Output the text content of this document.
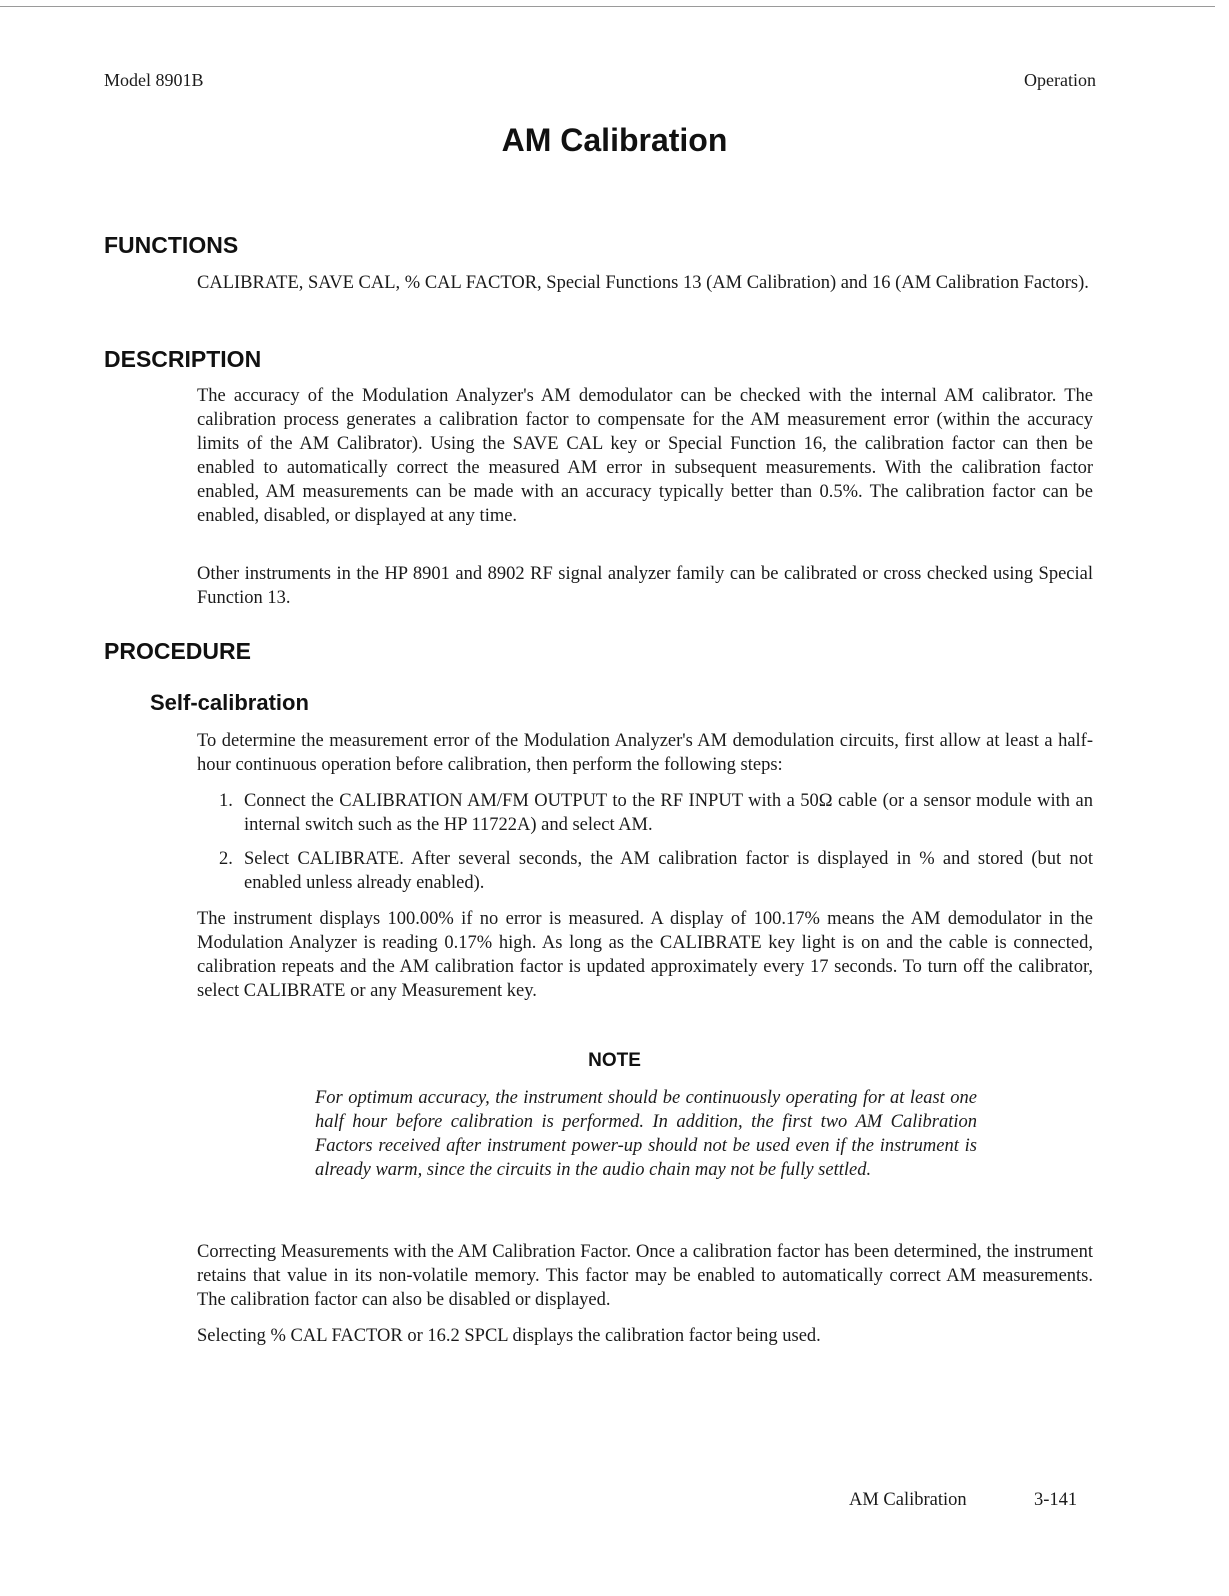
Model 8901B	Operation
AM Calibration
FUNCTIONS
CALIBRATE, SAVE CAL, % CAL FACTOR, Special Functions 13 (AM Calibration) and 16 (AM Calibration Factors).
DESCRIPTION
The accuracy of the Modulation Analyzer's AM demodulator can be checked with the internal AM calibrator. The calibration process generates a calibration factor to compensate for the AM measurement error (within the accuracy limits of the AM Calibrator). Using the SAVE CAL key or Special Function 16, the calibration factor can then be enabled to automatically correct the measured AM error in subsequent measurements. With the calibration factor enabled, AM measurements can be made with an accuracy typically better than 0.5%. The calibration factor can be enabled, disabled, or displayed at any time.
Other instruments in the HP 8901 and 8902 RF signal analyzer family can be calibrated or cross checked using Special Function 13.
PROCEDURE
Self-calibration
To determine the measurement error of the Modulation Analyzer's AM demodulation circuits, first allow at least a half-hour continuous operation before calibration, then perform the following steps:
1. Connect the CALIBRATION AM/FM OUTPUT to the RF INPUT with a 50Ω cable (or a sensor module with an internal switch such as the HP 11722A) and select AM.
2. Select CALIBRATE. After several seconds, the AM calibration factor is displayed in % and stored (but not enabled unless already enabled).
The instrument displays 100.00% if no error is measured. A display of 100.17% means the AM demodulator in the Modulation Analyzer is reading 0.17% high. As long as the CALIBRATE key light is on and the cable is connected, calibration repeats and the AM calibration factor is updated approximately every 17 seconds. To turn off the calibrator, select CALIBRATE or any Measurement key.
NOTE
For optimum accuracy, the instrument should be continuously operating for at least one half hour before calibration is performed. In addition, the first two AM Calibration Factors received after instrument power-up should not be used even if the instrument is already warm, since the circuits in the audio chain may not be fully settled.
Correcting Measurements with the AM Calibration Factor. Once a calibration factor has been determined, the instrument retains that value in its non-volatile memory. This factor may be enabled to automatically correct AM measurements. The calibration factor can also be disabled or displayed.
Selecting % CAL FACTOR or 16.2 SPCL displays the calibration factor being used.
AM Calibration	3-141
